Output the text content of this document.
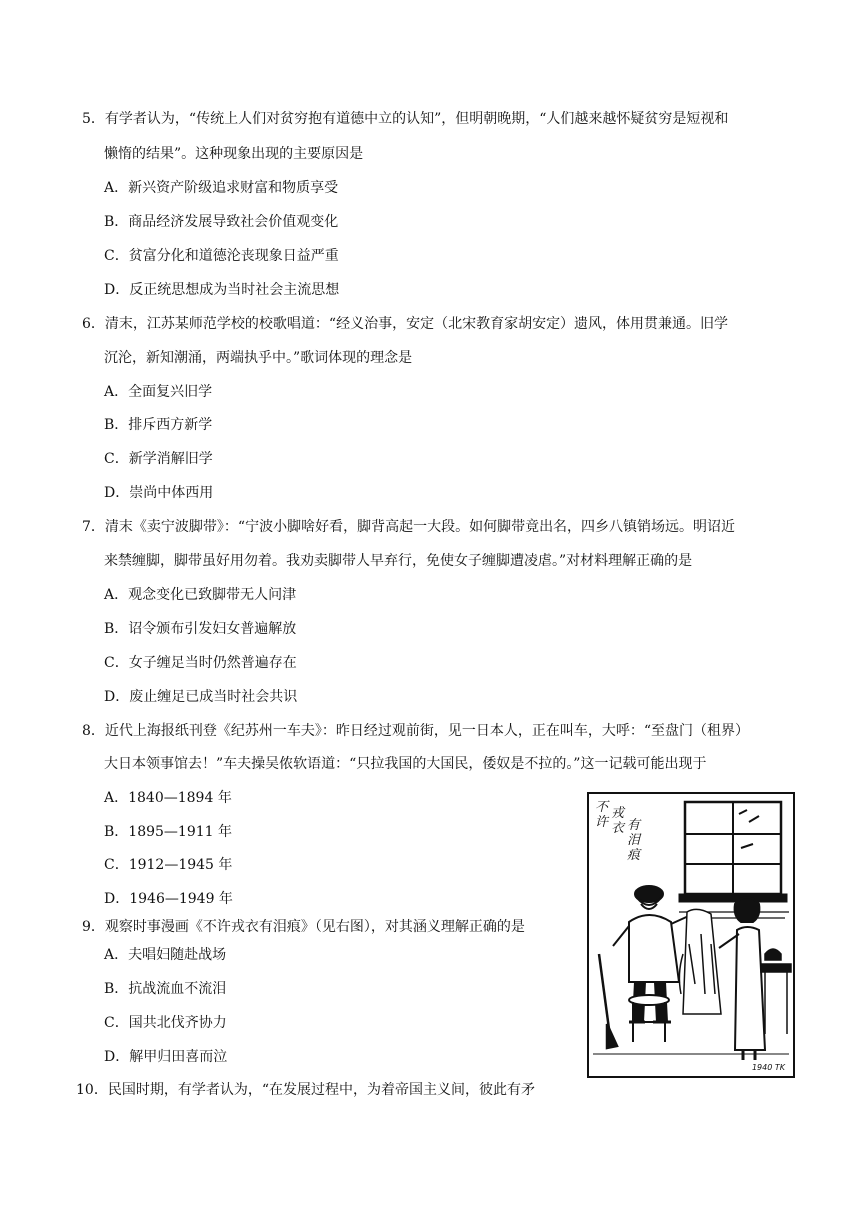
5．有学者认为，“传统上人们对贫穷抱有道德中立的认知”，但明朝晚期，“人们越来越怀疑贫穷是短视和
懒惰的结果”。这种现象出现的主要原因是
A．新兴资产阶级追求财富和物质享受
B．商品经济发展导致社会价值观变化
C．贫富分化和道德沦丧现象日益严重
D．反正统思想成为当时社会主流思想
6．清末，江苏某师范学校的校歌唱道：“经义治事，安定（北宋教育家胡安定）遗风，体用贯兼通。旧学
沉沦，新知潮涌，两端执乎中。”歌词体现的理念是
A．全面复兴旧学
B．排斥西方新学
C．新学消解旧学
D．崇尚中体西用
7．清末《卖宁波脚带》：“宁波小脚啥好看，脚背高起一大段。如何脚带竟出名，四乡八镇销场远。明诏近
来禁缠脚，脚带虽好用勿着。我劝卖脚带人早弃行，免使女子缠脚遭凌虐。”对材料理解正确的是
A．观念变化已致脚带无人问津
B．诏令颁布引发妇女普遍解放
C．女子缠足当时仍然普遍存在
D．废止缠足已成当时社会共识
8．近代上海报纸刊登《纪苏州一车夫》：昨日经过观前街，见一日本人，正在叫车，大呼：“至盘门（租界）
大日本领事馆去！”车夫操吴侬软语道：“只拉我国的大国民，倭奴是不拉的。”这一记载可能出现于
A．1840—1894 年
B．1895—1911 年
C．1912—1945 年
D．1946—1949 年
9．观察时事漫画《不许戎衣有泪痕》（见右图），对其涵义理解正确的是
A．夫唱妇随赴战场
B．抗战流血不流泪
C．国共北伐齐协力
D．解甲归田喜而泣
10．民国时期，有学者认为，“在发展过程中，为着帝国主义间，彼此有矛
不
许
戎
衣 有
泪
痕
1940 TK
